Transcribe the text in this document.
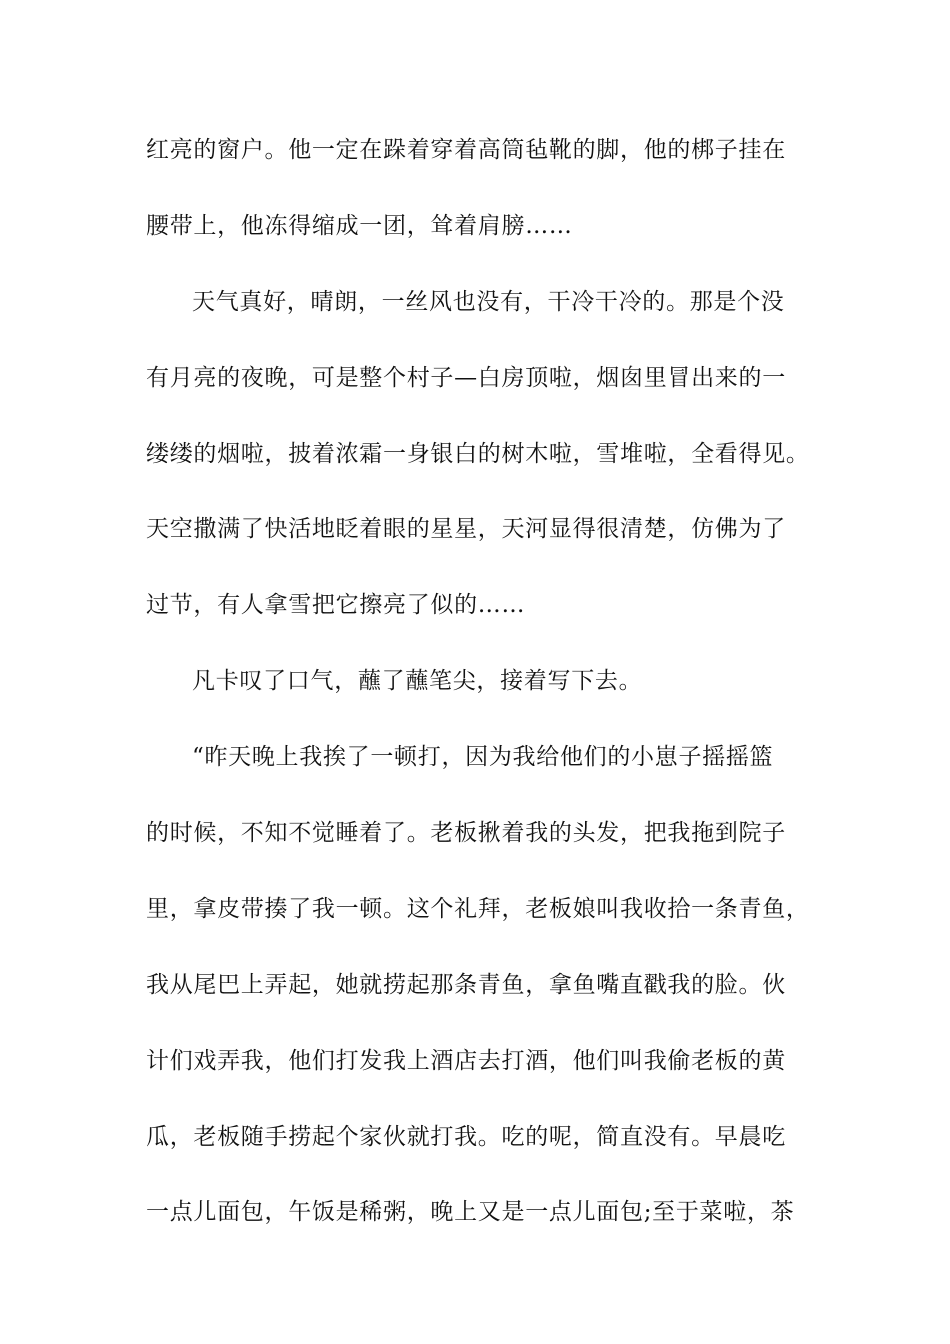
红亮的窗户。他一定在跺着穿着高筒毡靴的脚，他的梆子挂在
腰带上，他冻得缩成一团，耸着肩膀……
天气真好，晴朗，一丝风也没有，干冷干冷的。那是个没
有月亮的夜晚，可是整个村子—白房顶啦，烟囱里冒出来的一
缕缕的烟啦，披着浓霜一身银白的树木啦，雪堆啦，全看得见。
天空撒满了快活地眨着眼的星星，天河显得很清楚，仿佛为了
过节，有人拿雪把它擦亮了似的……
凡卡叹了口气，蘸了蘸笔尖，接着写下去。
“昨天晚上我挨了一顿打，因为我给他们的小崽子摇摇篮
的时候，不知不觉睡着了。老板揪着我的头发，把我拖到院子
里，拿皮带揍了我一顿。这个礼拜，老板娘叫我收拾一条青鱼，
我从尾巴上弄起，她就捞起那条青鱼，拿鱼嘴直戳我的脸。伙
计们戏弄我，他们打发我上酒店去打酒，他们叫我偷老板的黄
瓜，老板随手捞起个家伙就打我。吃的呢，简直没有。早晨吃
一点儿面包，午饭是稀粥，晚上又是一点儿面包;至于菜啦，茶
